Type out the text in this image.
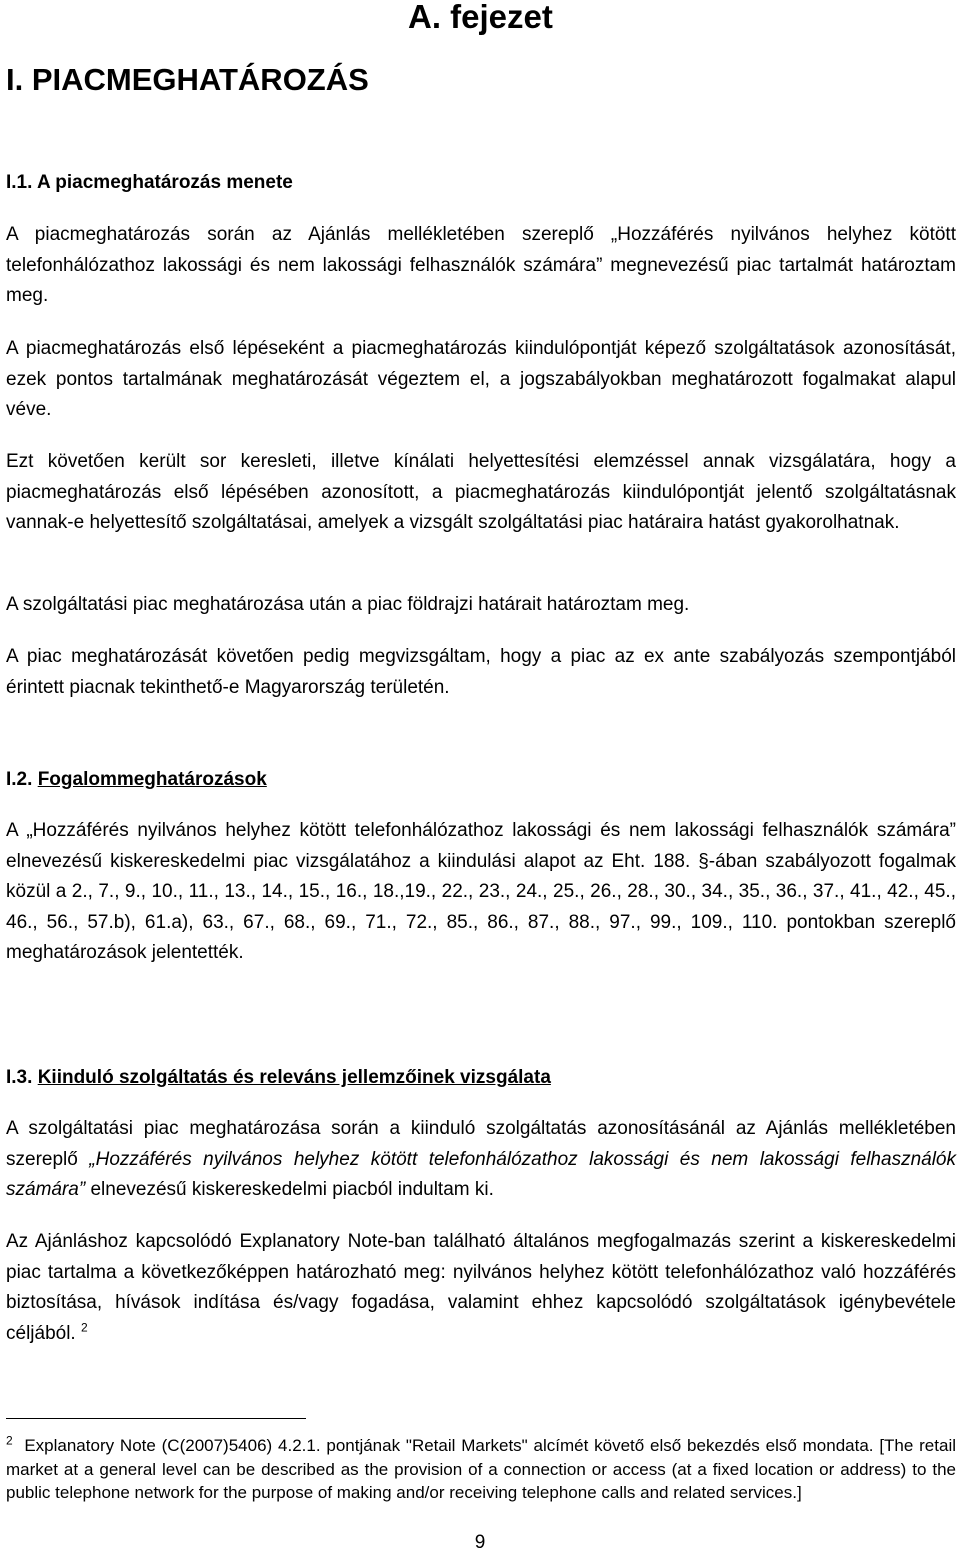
A. fejezet
I. PIACMEGHATÁROZÁS
I.1. A piacmeghatározás menete

A piacmeghatározás során az Ajánlás mellékletében szereplő „Hozzáférés nyilvános helyhez kötött telefonhálózathoz lakossági és nem lakossági felhasználók számára” megnevezésű piac tartalmát határoztam meg.

A piacmeghatározás első lépéseként a piacmeghatározás kiindulópontját képező szolgáltatások azonosítását, ezek pontos tartalmának meghatározását végeztem el, a jogszabályokban meghatározott fogalmakat alapul véve.

Ezt követően került sor keresleti, illetve kínálati helyettesítési elemzéssel annak vizsgálatára, hogy a piacmeghatározás első lépésében azonosított, a piacmeghatározás kiindulópontját jelentő szolgáltatásnak vannak-e helyettesítő szolgáltatásai, amelyek a vizsgált szolgáltatási piac határaira hatást gyakorolhatnak.

A szolgáltatási piac meghatározása után a piac földrajzi határait határoztam meg.

A piac meghatározását követően pedig megvizsgáltam, hogy a piac az ex ante szabályozás szempontjából érintett piacnak tekinthető-e Magyarország területén.

I.2. Fogalommeghatározások

A „Hozzáférés nyilvános helyhez kötött telefonhálózathoz lakossági és nem lakossági felhasználók számára” elnevezésű kiskereskedelmi piac vizsgálatához a kiindulási alapot az Eht. 188. §-ában szabályozott fogalmak közül a 2., 7., 9., 10., 11., 13., 14., 15., 16., 18.,19., 22., 23., 24., 25., 26., 28., 30., 34., 35., 36., 37., 41., 42., 45., 46., 56., 57.b), 61.a), 63., 67., 68., 69., 71., 72., 85., 86., 87., 88., 97., 99., 109., 110. pontokban szereplő meghatározások jelentették.

I.3. Kiinduló szolgáltatás és releváns jellemzőinek vizsgálata

A szolgáltatási piac meghatározása során a kiinduló szolgáltatás azonosításánál az Ajánlás mellékletében szereplő „Hozzáférés nyilvános helyhez kötött telefonhálózathoz lakossági és nem lakossági felhasználók számára” elnevezésű kiskereskedelmi piacból indultam ki.

Az Ajánláshoz kapcsolódó Explanatory Note-ban található általános megfogalmazás szerint a kiskereskedelmi piac tartalma a következőképpen határozható meg: nyilvános helyhez kötött telefonhálózathoz való hozzáférés biztosítása, hívások indítása és/vagy fogadása, valamint ehhez kapcsolódó szolgáltatások igénybevétele céljából. $^2$

$^2$ Explanatory Note (C(2007)5406) 4.2.1. pontjának "Retail Markets" alcímét követő első bekezdés első mondata. [The retail market at a general level can be described as the provision of a connection or access (at a fixed location or address) to the public telephone network for the purpose of making and/or receiving telephone calls and related services.]

9
